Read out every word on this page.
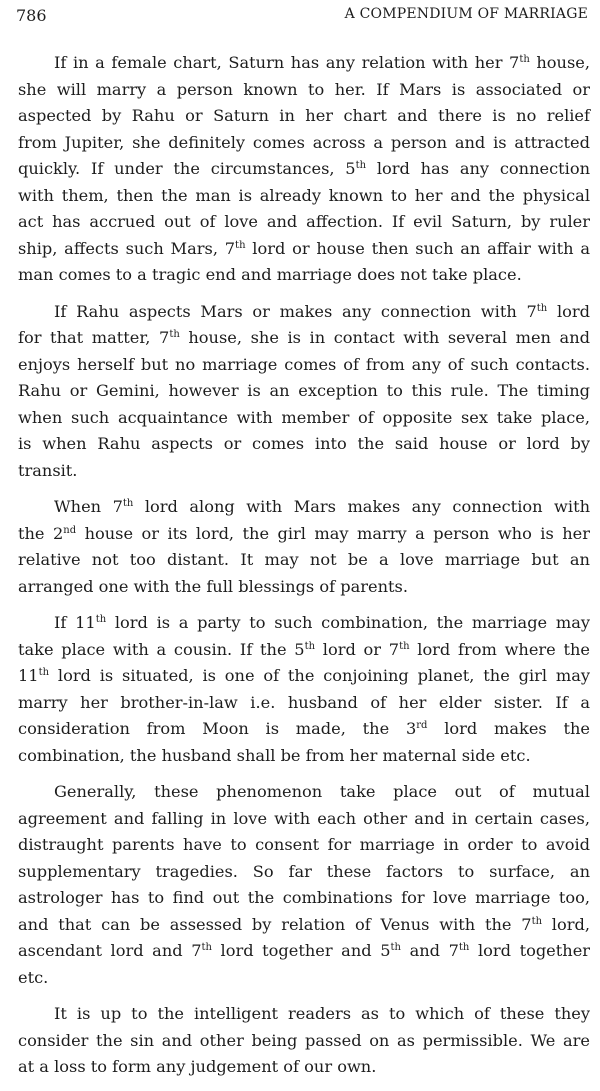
786	A COMPENDIUM OF MARRIAGE
If in a female chart, Saturn has any relation with her 7th house,
she will marry a person known to her. If Mars is associated or
aspected by Rahu or Saturn in her chart and there is no relief
from Jupiter, she definitely comes across a person and is attracted
quickly. If under the circumstances, 5th lord has any connection
with them, then the man is already known to her and the physical
act has accrued out of love and affection. If evil Saturn, by ruler
ship, affects such Mars, 7th lord or house then such an affair with a
man comes to a tragic end and marriage does not take place.
If Rahu aspects Mars or makes any connection with 7th lord
for that matter, 7th house, she is in contact with several men and
enjoys herself but no marriage comes of from any of such contacts.
Rahu or Gemini, however is an exception to this rule. The timing
when such acquaintance with member of opposite sex take place,
is when Rahu aspects or comes into the said house or lord by
transit.
When 7th lord along with Mars makes any connection with
the 2nd house or its lord, the girl may marry a person who is her
relative not too distant. It may not be a love marriage but an
arranged one with the full blessings of parents.
If 11th lord is a party to such combination, the marriage may
take place with a cousin. If the 5th lord or 7th lord from where the
11th lord is situated, is one of the conjoining planet, the girl may
marry her brother-in-law i.e. husband of her elder sister. If a
consideration from Moon is made, the 3rd lord makes the
combination, the husband shall be from her maternal side etc.
Generally, these phenomenon take place out of mutual
agreement and falling in love with each other and in certain cases,
distraught parents have to consent for marriage in order to avoid
supplementary tragedies. So far these factors to surface, an
astrologer has to find out the combinations for love marriage too,
and that can be assessed by relation of Venus with the 7th lord,
ascendant lord and 7th lord together and 5th and 7th lord together
etc.
It is up to the intelligent readers as to which of these they
consider the sin and other being passed on as permissible. We are
at a loss to form any judgement of our own.
